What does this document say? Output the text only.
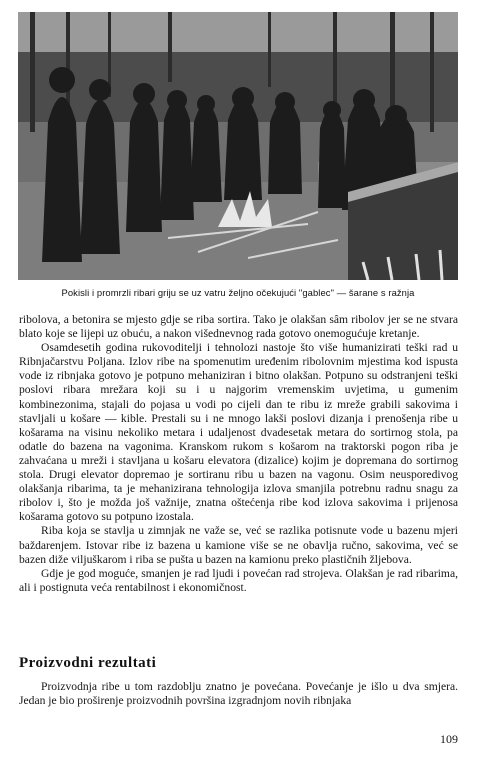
Pokisli i promrzli ribari griju se uz vatru željno očekujući "gablec" — šarane s ražnja

ribolova, a betonira se mjesto gdje se riba sortira. Tako je olakšan sâm ribolov jer se ne stvara blato koje se lijepi uz obuću, a nakon višednevnog rada gotovo onemogućuje kretanje.

Osamdesetih godina rukovoditelji i tehnolozi nastoje što više humanizirati teški rad u Ribnjačarstvu Poljana. Izlov ribe na spomenutim uređenim ribolovnim mjestima kod ispusta vode iz ribnjaka gotovo je potpuno mehaniziran i bitno olakšan. Potpuno su odstranjeni teški poslovi ribara mrežara koji su i u najgorim vremenskim uvjetima, u gumenim kombinezonima, stajali do pojasa u vodi po cijeli dan te ribu iz mreže grabili sakovima i stavljali u košare — kible. Prestali su i ne mnogo lakši poslovi dizanja i prenošenja ribe u košarama na visinu nekoliko metara i udaljenost dvadesetak metara do sortirnog stola, pa odatle do bazena na vagonima. Kranskom rukom s košarom na traktorski pogon riba je zahvaćana u mreži i stavljana u košaru elevatora (dizalice) kojim je dopremana do sortirnog stola. Drugi elevator dopremao je sortiranu ribu u bazen na vagonu. Osim neusporedivog olakšanja ribarima, ta je mehanizirana tehnologija izlova smanjila potrebnu radnu snagu za ribolov i, što je možda još važnije, znatna oštećenja ribe kod izlova sakovima i prijenosa košarama gotovo su potpuno izostala.

Riba koja se stavlja u zimnjak ne važe se, već se razlika potisnute vode u bazenu mjeri baždarenjem. Istovar ribe iz bazena u kamione više se ne obavlja ručno, sakovima, već se bazen diže viljuškarom i riba se pušta u bazen na kamionu preko plastičnih žljebova.

Gdje je god moguće, smanjen je rad ljudi i povećan rad strojeva. Olakšan je rad ribarima, ali i postignuta veća rentabilnost i ekonomičnost.

Proizvodni rezultati

Proizvodnja ribe u tom razdoblju znatno je povećana. Povećanje je išlo u dva smjera. Jedan je bio proširenje proizvodnih površina izgradnjom novih ribnjaka

109
